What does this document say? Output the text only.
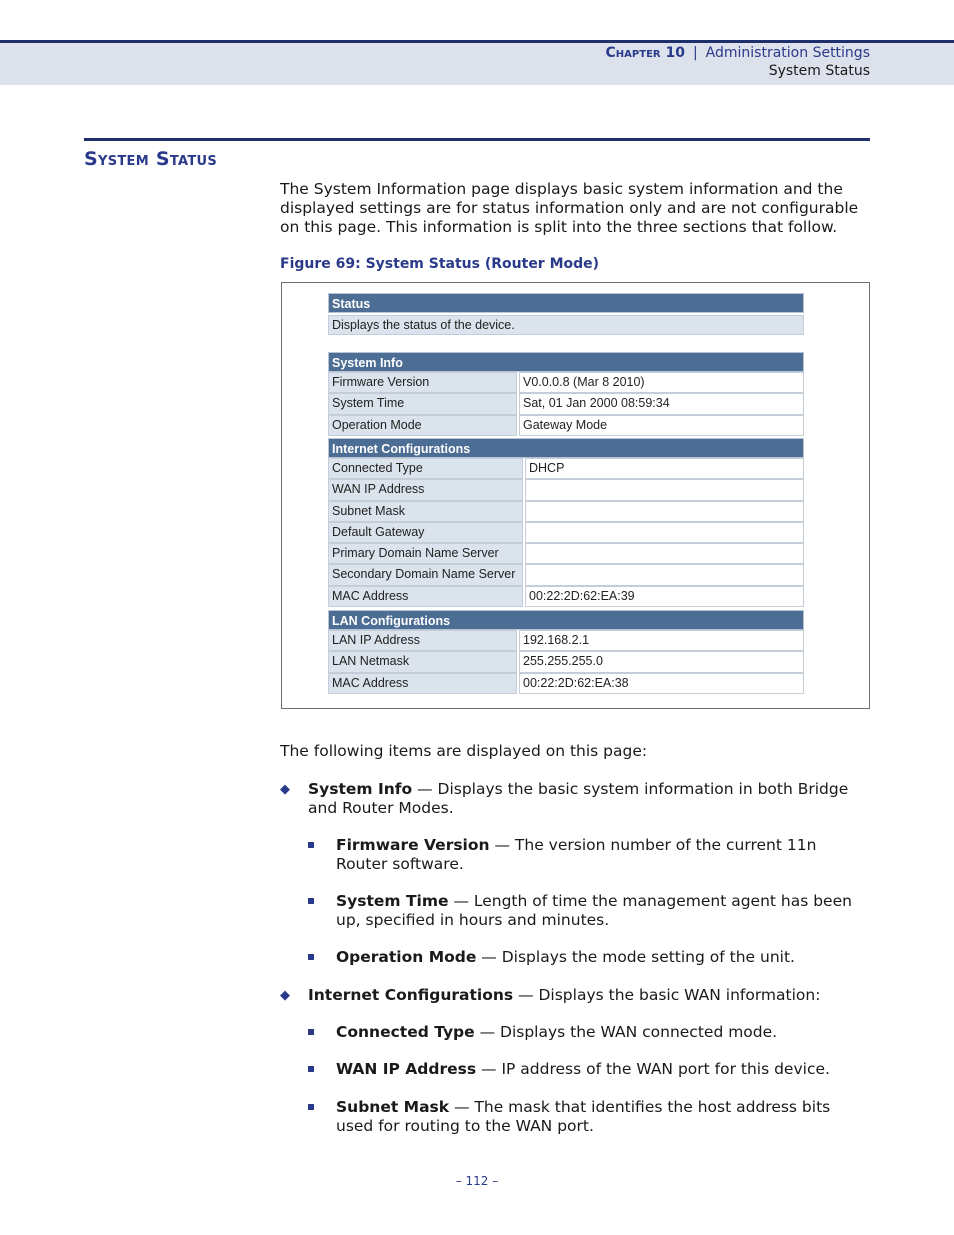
Chapter 10 | Administration Settings
System Status
System Status
The System Information page displays basic system information and the displayed settings are for status information only and are not configurable on this page. This information is split into the three sections that follow.
Figure 69: System Status (Router Mode)
Status
Displays the status of the device.
System Info
Firmware Version	V0.0.0.8 (Mar 8 2010)
System Time	Sat, 01 Jan 2000 08:59:34
Operation Mode	Gateway Mode
Internet Configurations
Connected Type	DHCP
WAN IP Address
Subnet Mask
Default Gateway
Primary Domain Name Server
Secondary Domain Name Server
MAC Address	00:22:2D:62:EA:39
LAN Configurations
LAN IP Address	192.168.2.1
LAN Netmask	255.255.255.0
MAC Address	00:22:2D:62:EA:38
The following items are displayed on this page:
◆ System Info — Displays the basic system information in both Bridge and Router Modes.
Firmware Version — The version number of the current 11n Router software.
System Time — Length of time the management agent has been up, specified in hours and minutes.
Operation Mode — Displays the mode setting of the unit.
◆ Internet Configurations — Displays the basic WAN information:
Connected Type — Displays the WAN connected mode.
WAN IP Address — IP address of the WAN port for this device.
Subnet Mask — The mask that identifies the host address bits used for routing to the WAN port.
– 112 –
